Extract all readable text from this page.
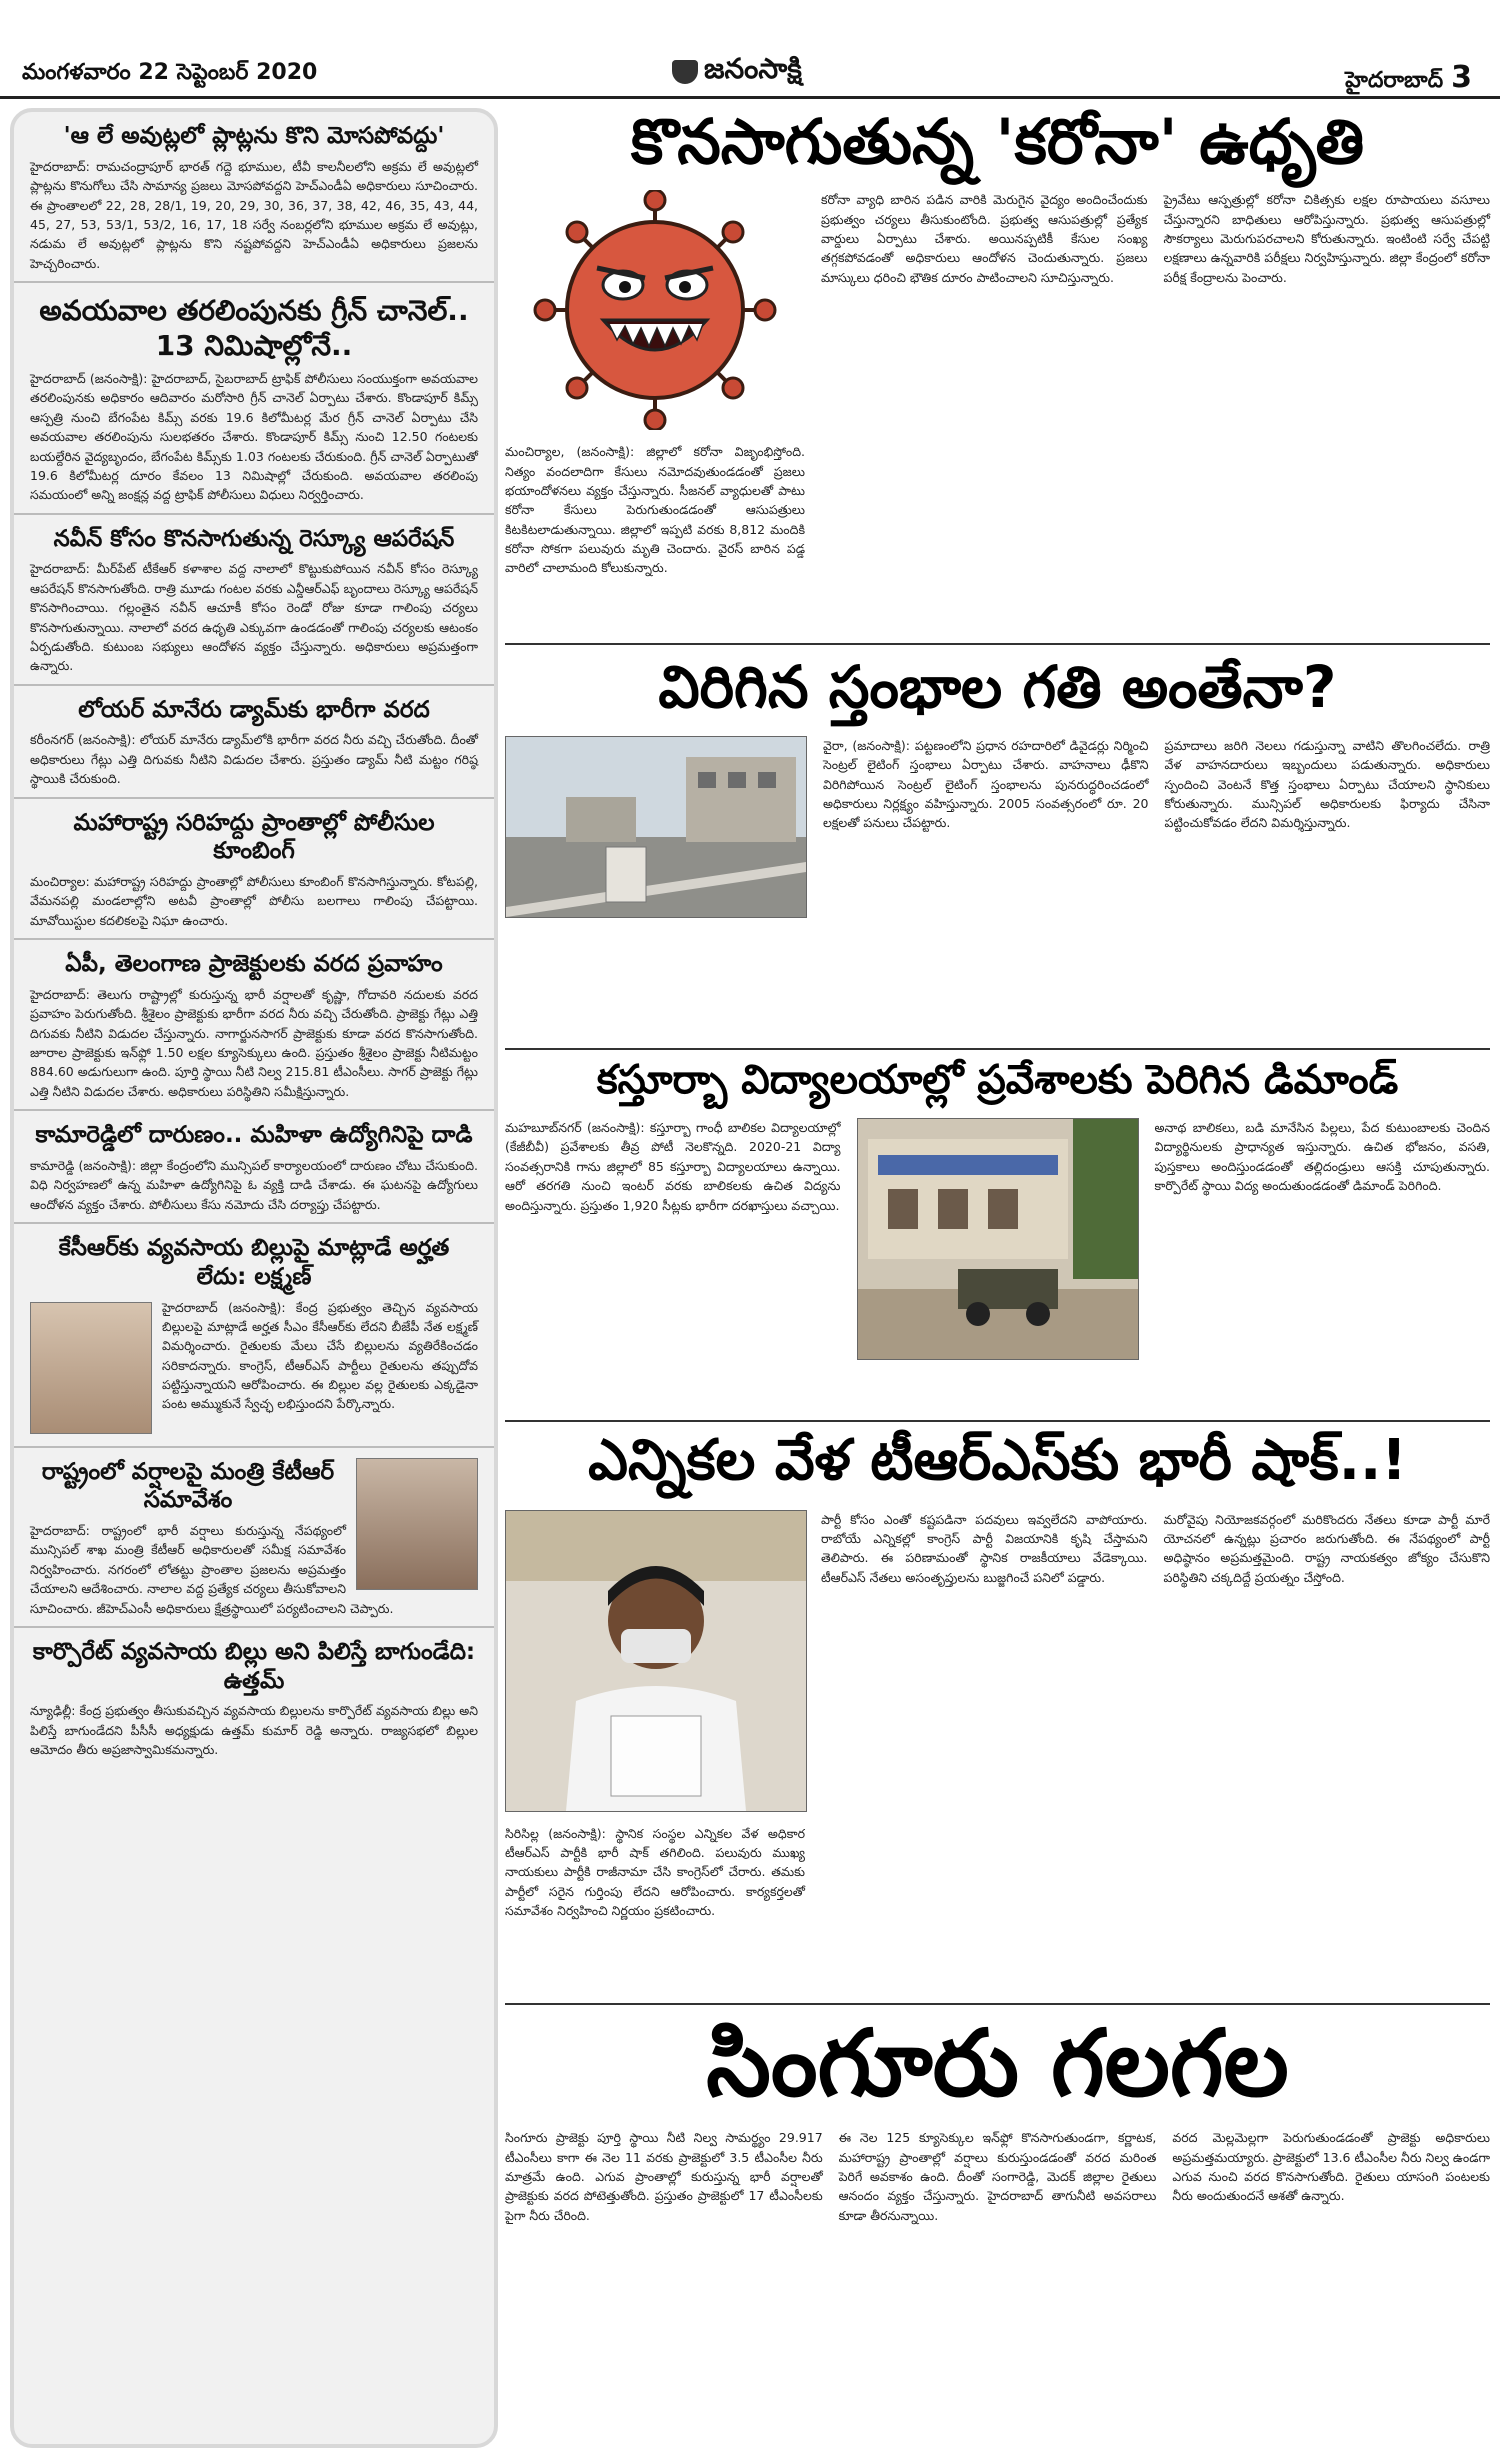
మంగళవారం 22 సెప్టెంబర్ 2020	జనంసాక్షి	హైదరాబాద్ 3
'ఆ లే అవుట్లలో ప్లాట్లను కొని మోసపోవద్దు'

హైదరాబాద్‌: రామచంద్రాపూర్‌ భారత్‌ గద్దె భూముల, టీవీ కాలనీలలోని అక్రమ లే అవుట్లలో ప్లాట్లను కొనుగోలు చేసి సామాన్య ప్రజలు మోసపోవద్దని హెచ్‌ఎండీఏ అధికారులు సూచించారు. ఈ ప్రాంతాలలో 22, 28, 28/1, 19, 20, 29, 30, 36, 37, 38, 42, 46, 35, 43, 44, 45, 27, 53, 53/1, 53/2, 16, 17, 18 సర్వే నంబర్లలోని భూముల అక్రమ లే అవుట్లు, నడుమ లే అవుట్లలో ప్లాట్లను కొని నష్టపోవద్దని హెచ్‌ఎండీఏ అధికారులు ప్రజలను హెచ్చరించారు.

అవయవాల తరలింపునకు గ్రీన్‌ చానెల్‌.. 13 నిమిషాల్లోనే..

హైదరాబాద్‌ (జనంసాక్షి): హైదరాబాద్‌, సైబరాబాద్‌ ట్రాఫిక్‌ పోలీసులు సంయుక్తంగా అవయవాల తరలింపునకు అధికారం ఆదివారం మరోసారి గ్రీన్‌ చానెల్‌ ఏర్పాటు చేశారు. కొండాపూర్‌ కిమ్స్‌ ఆస్పత్రి నుంచి బేగంపేట కిమ్స్‌ వరకు 19.6 కిలోమీటర్ల మేర గ్రీన్‌ చానెల్‌ ఏర్పాటు చేసి అవయవాల తరలింపును సులభతరం చేశారు. కొండాపూర్‌ కిమ్స్‌ నుంచి 12.50 గంటలకు బయల్దేరిన వైద్యబృందం, బేగంపేట కిమ్స్‌కు 1.03 గంటలకు చేరుకుంది. గ్రీన్‌ చానెల్‌ ఏర్పాటుతో 19.6 కిలోమీటర్ల దూరం కేవలం 13 నిమిషాల్లో చేరుకుంది. అవయవాల తరలింపు సమయంలో అన్ని జంక్షన్ల వద్ద ట్రాఫిక్‌ పోలీసులు విధులు నిర్వర్తించారు.

నవీన్‌ కోసం కొనసాగుతున్న రెస్క్యూ ఆపరేషన్‌

హైదరాబాద్‌: మీర్‌పేట్‌ టీకేఆర్‌ కళాశాల వద్ద నాలాలో కొట్టుకుపోయిన నవీన్‌ కోసం రెస్క్యూ ఆపరేషన్‌ కొనసాగుతోంది. రాత్రి మూడు గంటల వరకు ఎన్డీఆర్‌ఎఫ్‌ బృందాలు రెస్క్యూ ఆపరేషన్‌ కొనసాగించాయి. గల్లంతైన నవీన్‌ ఆచూకీ కోసం రెండో రోజు కూడా గాలింపు చర్యలు కొనసాగుతున్నాయి. నాలాలో వరద ఉధృతి ఎక్కువగా ఉండడంతో గాలింపు చర్యలకు ఆటంకం ఏర్పడుతోంది. కుటుంబ సభ్యులు ఆందోళన వ్యక్తం చేస్తున్నారు. అధికారులు అప్రమత్తంగా ఉన్నారు.

లోయర్‌ మానేరు డ్యామ్‌కు భారీగా వరద

కరీంనగర్‌ (జనంసాక్షి): లోయర్‌ మానేరు డ్యామ్‌లోకి భారీగా వరద నీరు వచ్చి చేరుతోంది. దీంతో అధికారులు గేట్లు ఎత్తి దిగువకు నీటిని విడుదల చేశారు. ప్రస్తుతం డ్యామ్‌ నీటి మట్టం గరిష్ఠ స్థాయికి చేరుకుంది.

మహారాష్ట్ర సరిహద్దు ప్రాంతాల్లో పోలీసుల కూంబింగ్‌

మంచిర్యాల: మహారాష్ట్ర సరిహద్దు ప్రాంతాల్లో పోలీసులు కూంబింగ్‌ కొనసాగిస్తున్నారు. కోటపల్లి, వేమనపల్లి మండలాల్లోని అటవీ ప్రాంతాల్లో పోలీసు బలగాలు గాలింపు చేపట్టాయి. మావోయిస్టుల కదలికలపై నిఘా ఉంచారు.

ఏపీ, తెలంగాణ ప్రాజెక్టులకు వరద ప్రవాహం

హైదరాబాద్‌: తెలుగు రాష్ట్రాల్లో కురుస్తున్న భారీ వర్షాలతో కృష్ణా, గోదావరి నదులకు వరద ప్రవాహం పెరుగుతోంది. శ్రీశైలం ప్రాజెక్టుకు భారీగా వరద నీరు వచ్చి చేరుతోంది. ప్రాజెక్టు గేట్లు ఎత్తి దిగువకు నీటిని విడుదల చేస్తున్నారు. నాగార్జునసాగర్‌ ప్రాజెక్టుకు కూడా వరద కొనసాగుతోంది. జూరాల ప్రాజెక్టుకు ఇన్‌ఫ్లో 1.50 లక్షల క్యూసెక్కులు ఉంది. ప్రస్తుతం శ్రీశైలం ప్రాజెక్టు నీటిమట్టం 884.60 అడుగులుగా ఉంది. పూర్తి స్థాయి నీటి నిల్వ 215.81 టీఎంసీలు. సాగర్‌ ప్రాజెక్టు గేట్లు ఎత్తి నీటిని విడుదల చేశారు. అధికారులు పరిస్థితిని సమీక్షిస్తున్నారు.

కామారెడ్డిలో దారుణం.. మహిళా ఉద్యోగినిపై దాడి

కామారెడ్డి (జనంసాక్షి): జిల్లా కేంద్రంలోని మున్సిపల్‌ కార్యాలయంలో దారుణం చోటు చేసుకుంది. విధి నిర్వహణలో ఉన్న మహిళా ఉద్యోగినిపై ఓ వ్యక్తి దాడి చేశాడు. ఈ ఘటనపై ఉద్యోగులు ఆందోళన వ్యక్తం చేశారు. పోలీసులు కేసు నమోదు చేసి దర్యాప్తు చేపట్టారు.

కేసీఆర్‌కు వ్యవసాయ బిల్లుపై మాట్లాడే అర్హత లేదు: లక్ష్మణ్‌

హైదరాబాద్‌ (జనంసాక్షి): కేంద్ర ప్రభుత్వం తెచ్చిన వ్యవసాయ బిల్లులపై మాట్లాడే అర్హత సీఎం కేసీఆర్‌కు లేదని బీజేపీ నేత లక్ష్మణ్‌ విమర్శించారు. రైతులకు మేలు చేసే బిల్లులను వ్యతిరేకించడం సరికాదన్నారు. కాంగ్రెస్‌, టీఆర్‌ఎస్‌ పార్టీలు రైతులను తప్పుదోవ పట్టిస్తున్నాయని ఆరోపించారు. ఈ బిల్లుల వల్ల రైతులకు ఎక్కడైనా పంట అమ్ముకునే స్వేచ్ఛ లభిస్తుందని పేర్కొన్నారు.

రాష్ట్రంలో వర్షాలపై మంత్రి కేటీఆర్‌ సమావేశం

హైదరాబాద్‌: రాష్ట్రంలో భారీ వర్షాలు కురుస్తున్న నేపథ్యంలో మున్సిపల్‌ శాఖ మంత్రి కేటీఆర్‌ అధికారులతో సమీక్ష సమావేశం నిర్వహించారు. నగరంలో లోతట్టు ప్రాంతాల ప్రజలను అప్రమత్తం చేయాలని ఆదేశించారు. నాలాల వద్ద ప్రత్యేక చర్యలు తీసుకోవాలని సూచించారు. జీహెచ్‌ఎంసీ అధికారులు క్షేత్రస్థాయిలో పర్యటించాలని చెప్పారు.

కార్పొరేట్‌ వ్యవసాయ బిల్లు అని పిలిస్తే బాగుండేది: ఉత్తమ్‌

న్యూఢిల్లీ: కేంద్ర ప్రభుత్వం తీసుకువచ్చిన వ్యవసాయ బిల్లులను కార్పొరేట్‌ వ్యవసాయ బిల్లు అని పిలిస్తే బాగుండేదని పీసీసీ అధ్యక్షుడు ఉత్తమ్‌ కుమార్‌ రెడ్డి అన్నారు. రాజ్యసభలో బిల్లుల ఆమోదం తీరు అప్రజాస్వామికమన్నారు.

కొనసాగుతున్న 'కరోనా' ఉధృతి

మంచిర్యాల, (జనంసాక్షి): జిల్లాలో కరోనా విజృంభిస్తోంది. నిత్యం వందలాదిగా కేసులు నమోదవుతుండడంతో ప్రజలు భయాందోళనలు వ్యక్తం చేస్తున్నారు. సీజనల్‌ వ్యాధులతో పాటు కరోనా కేసులు పెరుగుతుండడంతో ఆసుపత్రులు కిటకిటలాడుతున్నాయి. జిల్లాలో ఇప్పటి వరకు 8,812 మందికి కరోనా సోకగా పలువురు మృతి చెందారు. వైరస్‌ బారిన పడ్డ వారిలో చాలామంది కోలుకున్నారు.

కరోనా వ్యాధి బారిన పడిన వారికి మెరుగైన వైద్యం అందించేందుకు ప్రభుత్వం చర్యలు తీసుకుంటోంది. ప్రభుత్వ ఆసుపత్రుల్లో ప్రత్యేక వార్డులు ఏర్పాటు చేశారు. అయినప్పటికీ కేసుల సంఖ్య తగ్గకపోవడంతో అధికారులు ఆందోళన చెందుతున్నారు. ప్రజలు మాస్కులు ధరించి భౌతిక దూరం పాటించాలని సూచిస్తున్నారు.
ప్రైవేటు ఆస్పత్రుల్లో కరోనా చికిత్సకు లక్షల రూపాయలు వసూలు చేస్తున్నారని బాధితులు ఆరోపిస్తున్నారు. ప్రభుత్వ ఆసుపత్రుల్లో సౌకర్యాలు మెరుగుపరచాలని కోరుతున్నారు. ఇంటింటి సర్వే చేపట్టి లక్షణాలు ఉన్నవారికి పరీక్షలు నిర్వహిస్తున్నారు. జిల్లా కేంద్రంలో కరోనా పరీక్ష కేంద్రాలను పెంచారు.
విరిగిన స్తంభాల గతి అంతేనా?
వైరా, (జనంసాక్షి): పట్టణంలోని ప్రధాన రహదారిలో డివైడర్లు నిర్మించి సెంట్రల్‌ లైటింగ్‌ స్తంభాలు ఏర్పాటు చేశారు. వాహనాలు ఢీకొని విరిగిపోయిన సెంట్రల్‌ లైటింగ్‌ స్తంభాలను పునరుద్ధరించడంలో అధికారులు నిర్లక్ష్యం వహిస్తున్నారు. 2005 సంవత్సరంలో రూ. 20 లక్షలతో పనులు చేపట్టారు.
ప్రమాదాలు జరిగి నెలలు గడుస్తున్నా వాటిని తొలగించలేదు. రాత్రి వేళ వాహనదారులు ఇబ్బందులు పడుతున్నారు. అధికారులు స్పందించి వెంటనే కొత్త స్తంభాలు ఏర్పాటు చేయాలని స్థానికులు కోరుతున్నారు. మున్సిపల్‌ అధికారులకు ఫిర్యాదు చేసినా పట్టించుకోవడం లేదని విమర్శిస్తున్నారు.
కస్తూర్బా విద్యాలయాల్లో ప్రవేశాలకు పెరిగిన డిమాండ్‌
మహబూబ్‌నగర్‌ (జనంసాక్షి): కస్తూర్బా గాంధీ బాలికల విద్యాలయాల్లో (కేజీబీవీ) ప్రవేశాలకు తీవ్ర పోటీ నెలకొన్నది. 2020-21 విద్యా సంవత్సరానికి గాను జిల్లాలో 85 కస్తూర్బా విద్యాలయాలు ఉన్నాయి. ఆరో తరగతి నుంచి ఇంటర్‌ వరకు బాలికలకు ఉచిత విద్యను అందిస్తున్నారు. ప్రస్తుతం 1,920 సీట్లకు భారీగా దరఖాస్తులు వచ్చాయి.
అనాథ బాలికలు, బడి మానేసిన పిల్లలు, పేద కుటుంబాలకు చెందిన విద్యార్థినులకు ప్రాధాన్యత ఇస్తున్నారు. ఉచిత భోజనం, వసతి, పుస్తకాలు అందిస్తుండడంతో తల్లిదండ్రులు ఆసక్తి చూపుతున్నారు. కార్పొరేట్‌ స్థాయి విద్య అందుతుండడంతో డిమాండ్‌ పెరిగింది.
ఎన్నికల వేళ టీఆర్‌ఎస్‌కు భారీ షాక్‌..!

సిరిసిల్ల (జనంసాక్షి): స్థానిక సంస్థల ఎన్నికల వేళ అధికార టీఆర్‌ఎస్‌ పార్టీకి భారీ షాక్‌ తగిలింది. పలువురు ముఖ్య నాయకులు పార్టీకి రాజీనామా చేసి కాంగ్రెస్‌లో చేరారు. తమకు పార్టీలో సరైన గుర్తింపు లేదని ఆరోపించారు. కార్యకర్తలతో సమావేశం నిర్వహించి నిర్ణయం ప్రకటించారు.

పార్టీ కోసం ఎంతో కష్టపడినా పదవులు ఇవ్వలేదని వాపోయారు. రాబోయే ఎన్నికల్లో కాంగ్రెస్‌ పార్టీ విజయానికి కృషి చేస్తామని తెలిపారు. ఈ పరిణామంతో స్థానిక రాజకీయాలు వేడెక్కాయి. టీఆర్‌ఎస్‌ నేతలు అసంతృప్తులను బుజ్జగించే పనిలో పడ్డారు.
మరోవైపు నియోజకవర్గంలో మరికొందరు నేతలు కూడా పార్టీ మారే యోచనలో ఉన్నట్లు ప్రచారం జరుగుతోంది. ఈ నేపథ్యంలో పార్టీ అధిష్ఠానం అప్రమత్తమైంది. రాష్ట్ర నాయకత్వం జోక్యం చేసుకొని పరిస్థితిని చక్కదిద్దే ప్రయత్నం చేస్తోంది.
సింగూరు గలగల
సింగూరు ప్రాజెక్టు పూర్తి స్థాయి నీటి నిల్వ సామర్థ్యం 29.917 టీఎంసీలు కాగా ఈ నెల 11 వరకు ప్రాజెక్టులో 3.5 టీఎంసీల నీరు మాత్రమే ఉంది. ఎగువ ప్రాంతాల్లో కురుస్తున్న భారీ వర్షాలతో ప్రాజెక్టుకు వరద పోటెత్తుతోంది. ప్రస్తుతం ప్రాజెక్టులో 17 టీఎంసీలకు పైగా నీరు చేరింది.
ఈ నెల 125 క్యూసెక్కుల ఇన్‌ఫ్లో కొనసాగుతుండగా, కర్ణాటక, మహారాష్ట్ర ప్రాంతాల్లో వర్షాలు కురుస్తుండడంతో వరద మరింత పెరిగే అవకాశం ఉంది. దీంతో సంగారెడ్డి, మెదక్‌ జిల్లాల రైతులు ఆనందం వ్యక్తం చేస్తున్నారు. హైదరాబాద్‌ తాగునీటి అవసరాలు కూడా తీరనున్నాయి.
వరద మెల్లమెల్లగా పెరుగుతుండడంతో ప్రాజెక్టు అధికారులు అప్రమత్తమయ్యారు. ప్రాజెక్టులో 13.6 టీఎంసీల నీరు నిల్వ ఉండగా ఎగువ నుంచి వరద కొనసాగుతోంది. రైతులు యాసంగి పంటలకు నీరు అందుతుందనే ఆశతో ఉన్నారు.
